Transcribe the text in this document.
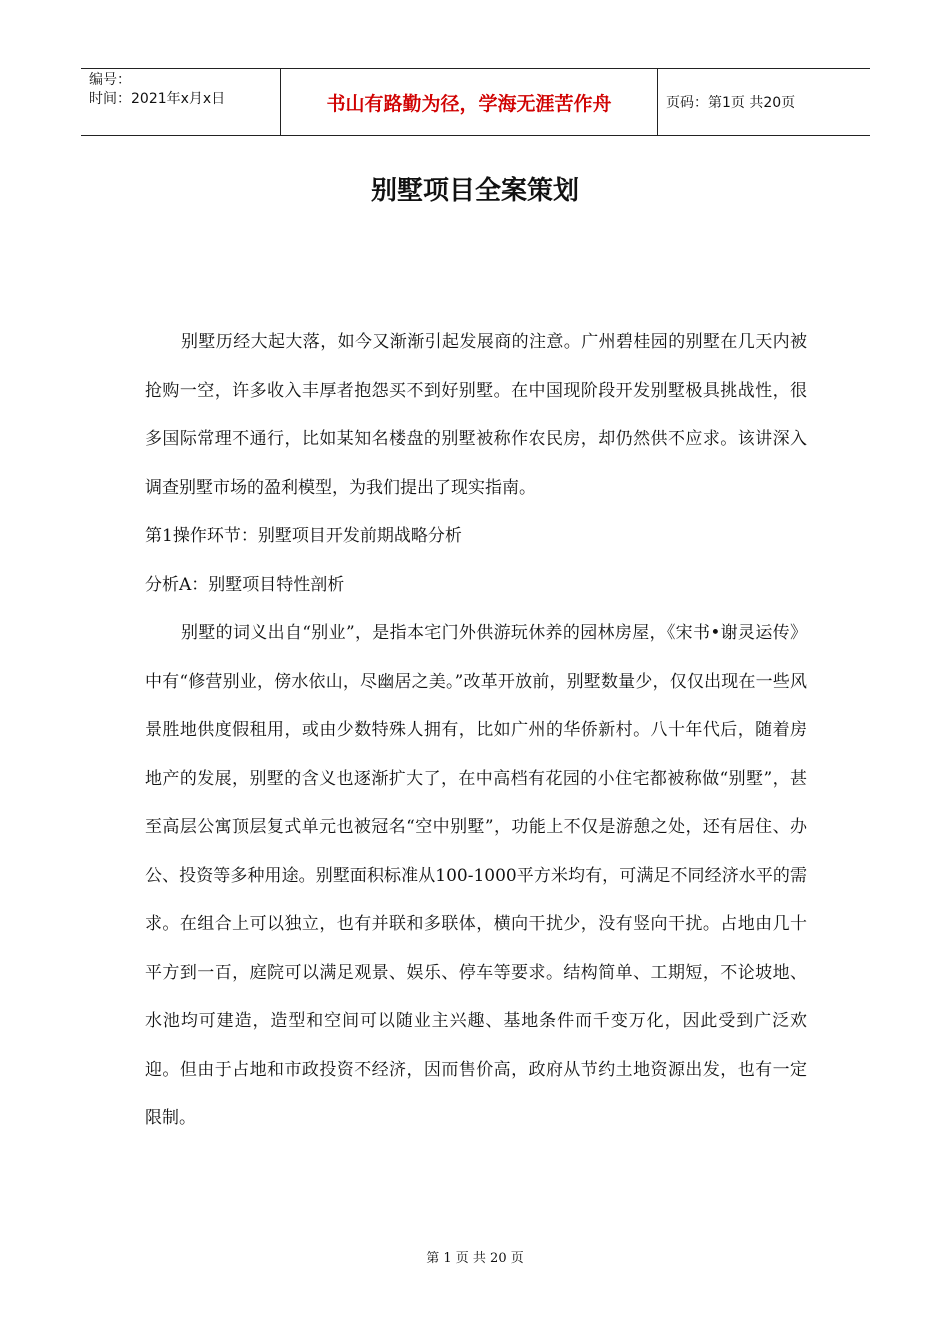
编号：
时间：2021年x月x日	书山有路勤为径，学海无涯苦作舟	页码：第1页 共20页
别墅项目全案策划

别墅历经大起大落，如今又渐渐引起发展商的注意。广州碧桂园的别墅在几天内被抢购一空，许多收入丰厚者抱怨买不到好别墅。在中国现阶段开发别墅极具挑战性，很多国际常理不通行，比如某知名楼盘的别墅被称作农民房，却仍然供不应求。该讲深入调查别墅市场的盈利模型，为我们提出了现实指南。

第1操作环节：别墅项目开发前期战略分析

分析A：别墅项目特性剖析

别墅的词义出自“别业”，是指本宅门外供游玩休养的园林房屋，《宋书•谢灵运传》中有“修营别业，傍水依山，尽幽居之美。”改革开放前，别墅数量少，仅仅出现在一些风景胜地供度假租用，或由少数特殊人拥有，比如广州的华侨新村。八十年代后，随着房地产的发展，别墅的含义也逐渐扩大了，在中高档有花园的小住宅都被称做“别墅”，甚至高层公寓顶层复式单元也被冠名“空中别墅”，功能上不仅是游憩之处，还有居住、办公、投资等多种用途。别墅面积标准从100-1000平方米均有，可满足不同经济水平的需求。在组合上可以独立，也有并联和多联体，横向干扰少，没有竖向干扰。占地由几十平方到一百，庭院可以满足观景、娱乐、停车等要求。结构简单、工期短，不论坡地、水池均可建造，造型和空间可以随业主兴趣、基地条件而千变万化，因此受到广泛欢迎。但由于占地和市政投资不经济，因而售价高，政府从节约土地资源出发，也有一定限制。

第 1 页 共 20 页
